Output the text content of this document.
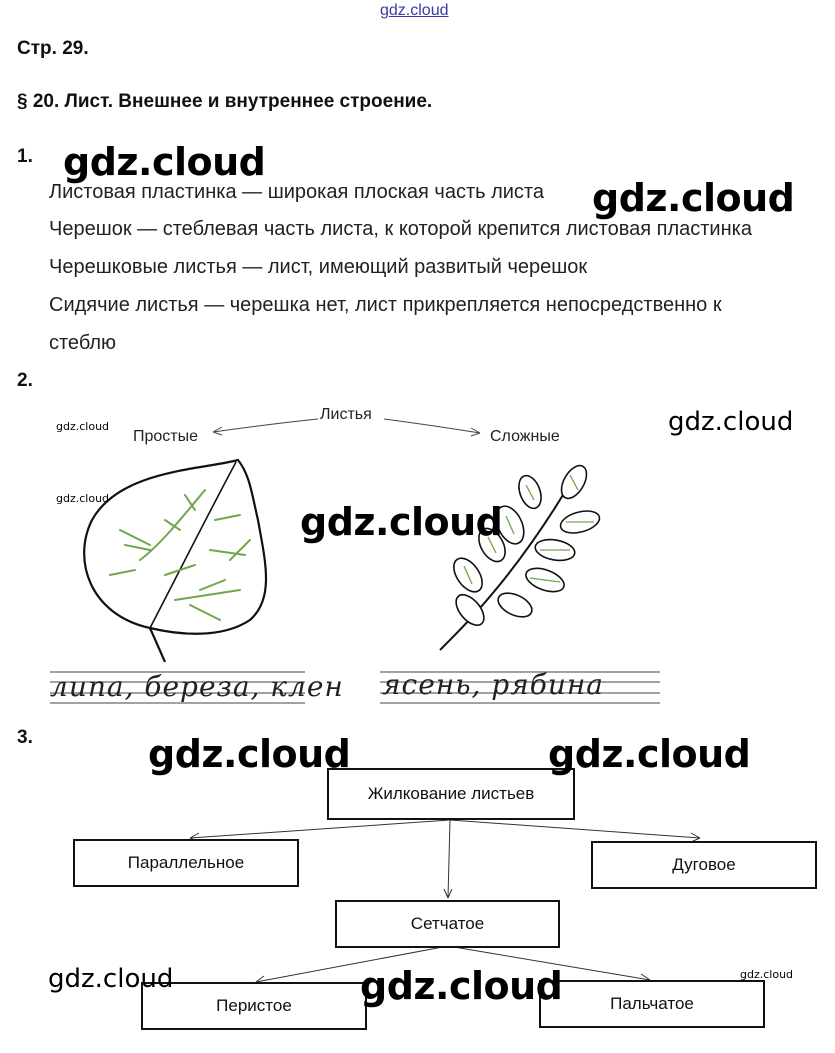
gdz.cloud
Стр. 29.
§ 20. Лист. Внешнее и внутреннее строение.
1.
Листовая пластинка — широкая плоская часть листа
Черешок — стеблевая часть листа, к которой крепится листовая пластинка
Черешковые листья — лист, имеющий развитый черешок
Сидячие листья — черешка нет, лист прикрепляется непосредственно к
стеблю
2.
Листья
Простые	Сложные
липа, береза, клен ясень, рябина
3.
Жилкование листьев
Параллельное	Дуговое
Сетчатое
Перистое	Пальчатое
gdz.cloud
gdz.cloud
gdz.cloud
gdz.cloud
gdz.cloud
gdz.cloud
gdz.cloud	gdz.cloud
gdz.cloud	gdz.cloud	gdz.cloud
